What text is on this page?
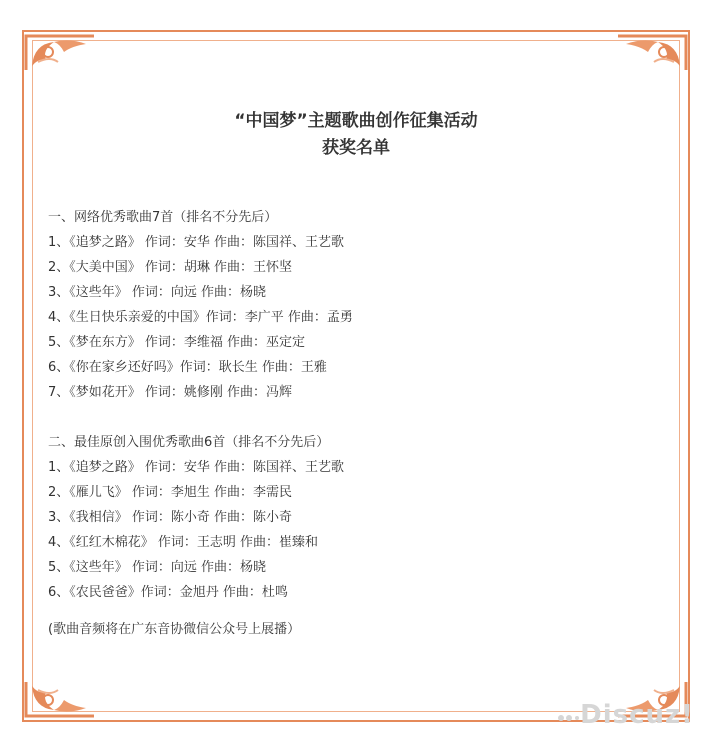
“中国梦”主题歌曲创作征集活动
获奖名单
一、网络优秀歌曲7首（排名不分先后）
1、《追梦之路》 作词：安华 作曲：陈国祥、王艺歌
2、《大美中国》 作词：胡琳 作曲：王怀坚
3、《这些年》 作词：向远 作曲：杨晓
4、《生日快乐亲爱的中国》作词：李广平 作曲：孟勇
5、《梦在东方》 作词：李维福 作曲：巫定定
6、《你在家乡还好吗》作词：耿长生 作曲：王雅
7、《梦如花开》 作词：姚修刚 作曲：冯辉
二、最佳原创入围优秀歌曲6首（排名不分先后）
1、《追梦之路》 作词：安华 作曲：陈国祥、王艺歌
2、《雁儿飞》 作词：李旭生 作曲：李需民
3、《我相信》 作词：陈小奇 作曲：陈小奇
4、《红红木棉花》 作词：王志明 作曲：崔臻和
5、《这些年》 作词：向远 作曲：杨晓
6、《农民爸爸》作词：金旭丹 作曲：杜鸣
(歌曲音频将在广东音协微信公众号上展播）
Discuz!
